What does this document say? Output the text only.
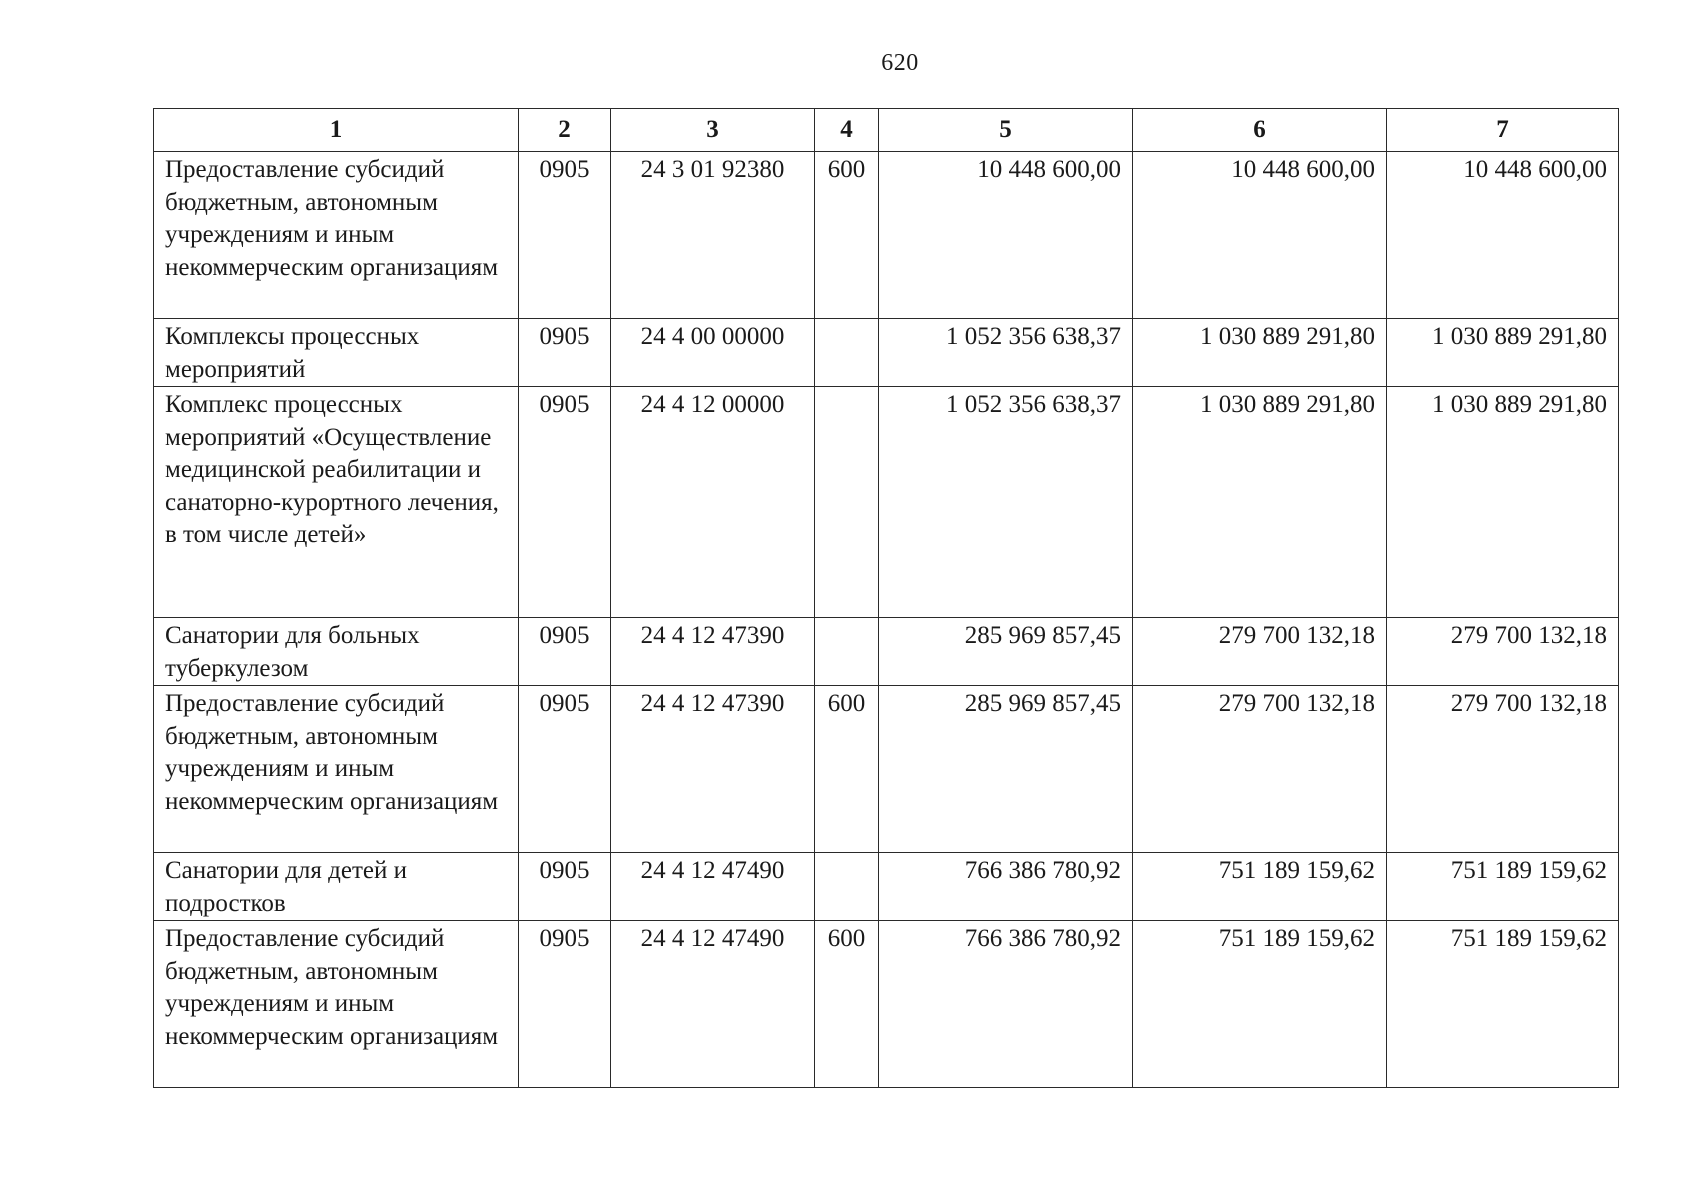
620
1	2	3	4	5	6	7
Предоставление субсидий бюджетным, автономным учреждениям и иным некоммерческим организациям	0905	24 3 01 92380	600	10 448 600,00	10 448 600,00	10 448 600,00
Комплексы процессных мероприятий	0905	24 4 00 00000		1 052 356 638,37	1 030 889 291,80	1 030 889 291,80
Комплекс процессных мероприятий «Осуществление медицинской реабилитации и санаторно-курортного лечения, в том числе детей»	0905	24 4 12 00000		1 052 356 638,37	1 030 889 291,80	1 030 889 291,80
Санатории для больных туберкулезом	0905	24 4 12 47390		285 969 857,45	279 700 132,18	279 700 132,18
Предоставление субсидий бюджетным, автономным учреждениям и иным некоммерческим организациям	0905	24 4 12 47390	600	285 969 857,45	279 700 132,18	279 700 132,18
Санатории для детей и подростков	0905	24 4 12 47490		766 386 780,92	751 189 159,62	751 189 159,62
Предоставление субсидий бюджетным, автономным учреждениям и иным некоммерческим организациям	0905	24 4 12 47490	600	766 386 780,92	751 189 159,62	751 189 159,62
